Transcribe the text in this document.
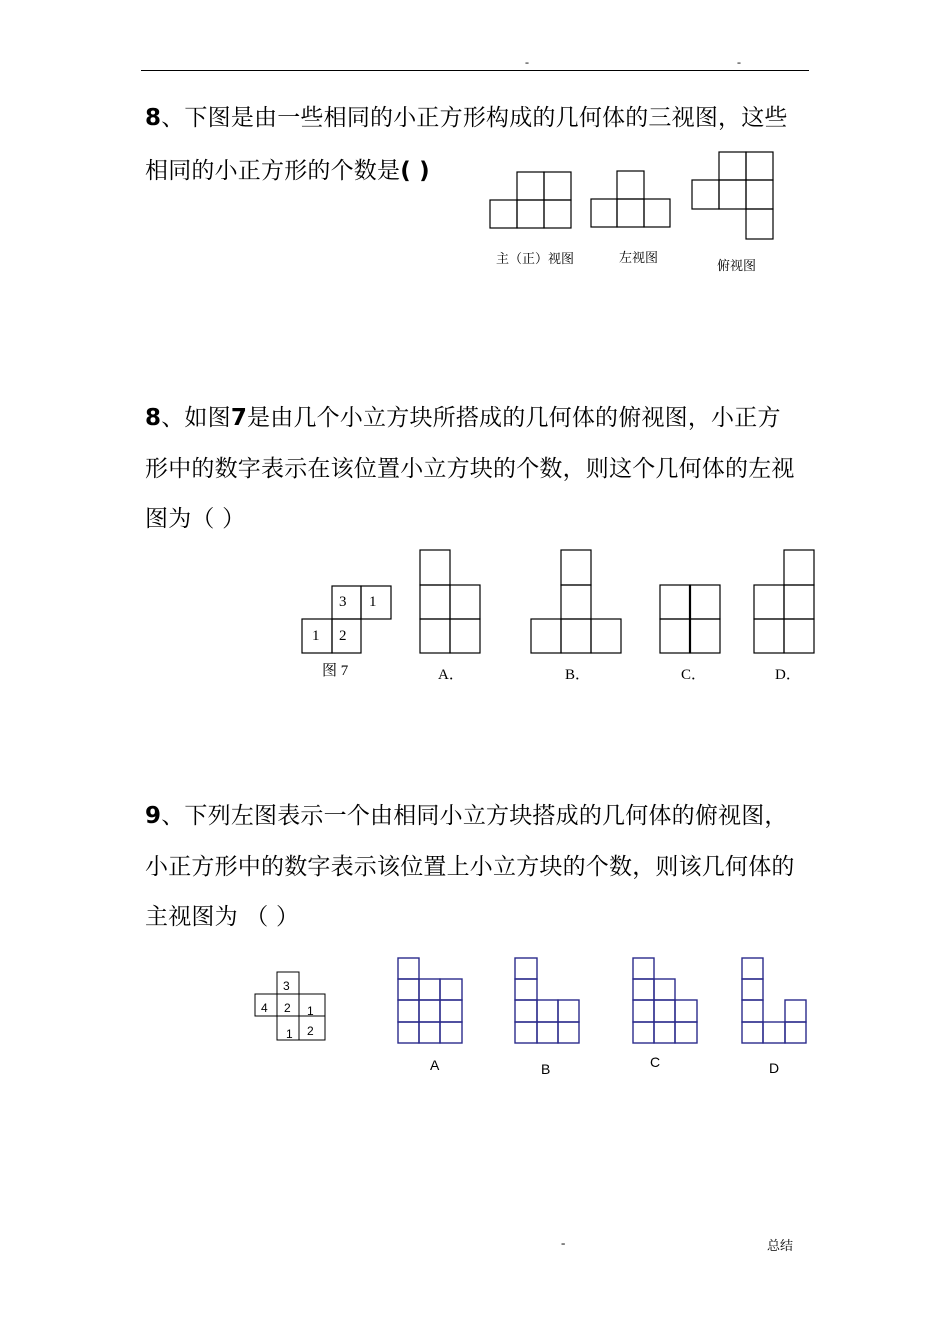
-	-
8、下图是由一些相同的小正方形构成的几何体的三视图，这些
相同的小正方形的个数是( )
主（正）视图	左视图
俯视图
8、如图7是由几个小立方块所搭成的几何体的俯视图，小正方
形中的数字表示在该位置小立方块的个数，则这个几何体的左视
图为（ ）
3 1
1 2
图 7	A．	B．	C．	D．
9、下列左图表示一个由相同小立方块搭成的几何体的俯视图，
小正方形中的数字表示该位置上小立方块的个数，则该几何体的
主视图为 （ ）
3
4 2 1
1 2
A	B	C	D
-	总结
